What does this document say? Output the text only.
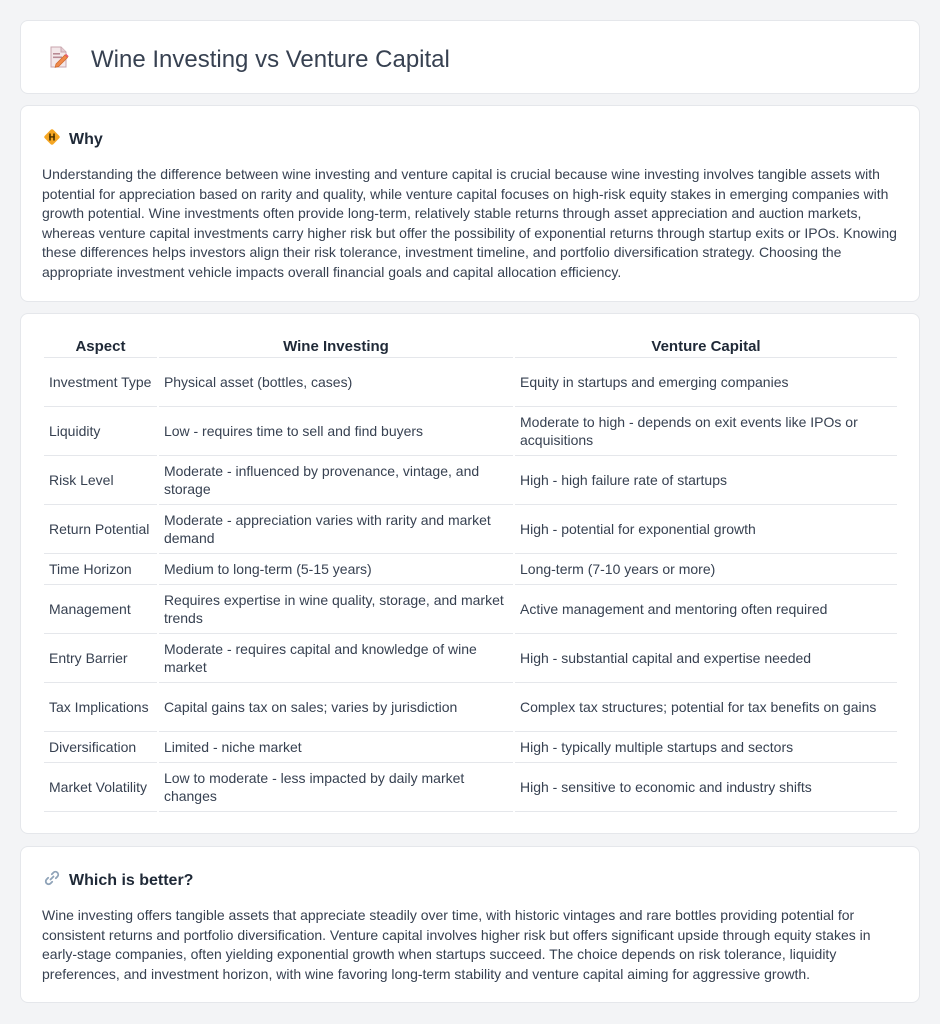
Wine Investing vs Venture Capital
Why

Understanding the difference between wine investing and venture capital is crucial because wine investing involves tangible assets with potential for appreciation based on rarity and quality, while venture capital focuses on high-risk equity stakes in emerging companies with growth potential. Wine investments often provide long-term, relatively stable returns through asset appreciation and auction markets, whereas venture capital investments carry higher risk but offer the possibility of exponential returns through startup exits or IPOs. Knowing these differences helps investors align their risk tolerance, investment timeline, and portfolio diversification strategy. Choosing the appropriate investment vehicle impacts overall financial goals and capital allocation efficiency.

Aspect	Wine Investing	Venture Capital
Investment Type	Physical asset (bottles, cases)	Equity in startups and emerging companies
Liquidity	Low - requires time to sell and find buyers	Moderate to high - depends on exit events like IPOs or acquisitions
Risk Level	Moderate - influenced by provenance, vintage, and storage	High - high failure rate of startups
Return Potential	Moderate - appreciation varies with rarity and market demand	High - potential for exponential growth
Time Horizon	Medium to long-term (5-15 years)	Long-term (7-10 years or more)
Management	Requires expertise in wine quality, storage, and market trends	Active management and mentoring often required
Entry Barrier	Moderate - requires capital and knowledge of wine market	High - substantial capital and expertise needed
Tax Implications	Capital gains tax on sales; varies by jurisdiction	Complex tax structures; potential for tax benefits on gains
Diversification	Limited - niche market	High - typically multiple startups and sectors
Market Volatility	Low to moderate - less impacted by daily market changes	High - sensitive to economic and industry shifts
Which is better?

Wine investing offers tangible assets that appreciate steadily over time, with historic vintages and rare bottles providing potential for consistent returns and portfolio diversification. Venture capital involves higher risk but offers significant upside through equity stakes in early-stage companies, often yielding exponential growth when startups succeed. The choice depends on risk tolerance, liquidity preferences, and investment horizon, with wine favoring long-term stability and venture capital aiming for aggressive growth.
